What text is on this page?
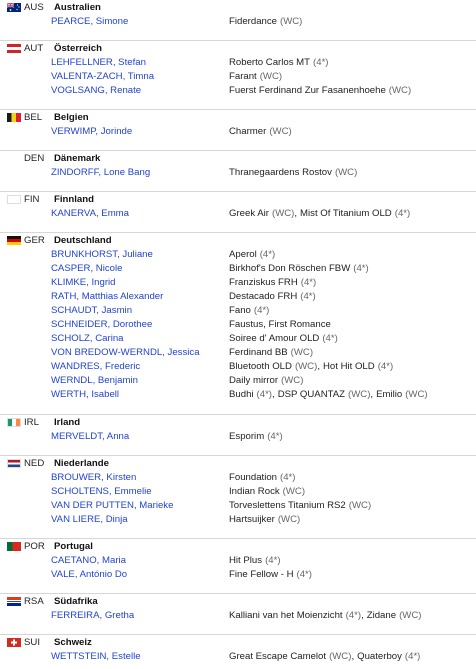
AUS	Australien
PEARCE, Simone	Fiderdance (WC)
AUT	Österreich
LEHFELLNER, Stefan	Roberto Carlos MT (4*)
VALENTA-ZACH, Timna	Farant (WC)
VOGLSANG, Renate	Fuerst Ferdinand Zur Fasanenhoehe (WC)
BEL	Belgien
VERWIMP, Jorinde	Charmer (WC)
DEN	Dänemark
ZINDORFF, Lone Bang	Thranegaardens Rostov (WC)
FIN	Finnland
KANERVA, Emma	Greek Air (WC), Mist Of Titanium OLD (4*)
GER Deutschland
BRUNKHORST, Juliane	Aperol (4*)
CASPER, Nicole	Birkhof's Don Röschen FBW (4*)
KLIMKE, Ingrid	Franziskus FRH (4*)
RATH, Matthias Alexander	Destacado FRH (4*)
SCHAUDT, Jasmin	Fano (4*)
SCHNEIDER, Dorothee	Faustus, First Romance
SCHOLZ, Carina	Soiree d' Amour OLD (4*)
VON BREDOW-WERNDL, Jessica	Ferdinand BB (WC)
WANDRES, Frederic	Bluetooth OLD (WC), Hot Hit OLD (4*)
WERNDL, Benjamin	Daily mirror (WC)
WERTH, Isabell	Budhi (4*), DSP QUANTAZ (WC), Emilio (WC)
IRL	Irland
MERVELDT, Anna	Esporim (4*)
NED	Niederlande
BROUWER, Kirsten	Foundation (4*)
SCHOLTENS, Emmelie	Indian Rock (WC)
VAN DER PUTTEN, Marieke	Torveslettens Titanium RS2 (WC)
VAN LIERE, Dinja	Hartsuijker (WC)
POR Portugal
CAETANO, Maria	Hit Plus (4*)
VALE, António Do	Fine Fellow - H (4*)
RSA	Südafrika
FERREIRA, Gretha	Kalliani van het Moienzicht (4*), Zidane (WC)
SUI	Schweiz
WETTSTEIN, Estelle	Great Escape Camelot (WC), Quaterboy (4*)
